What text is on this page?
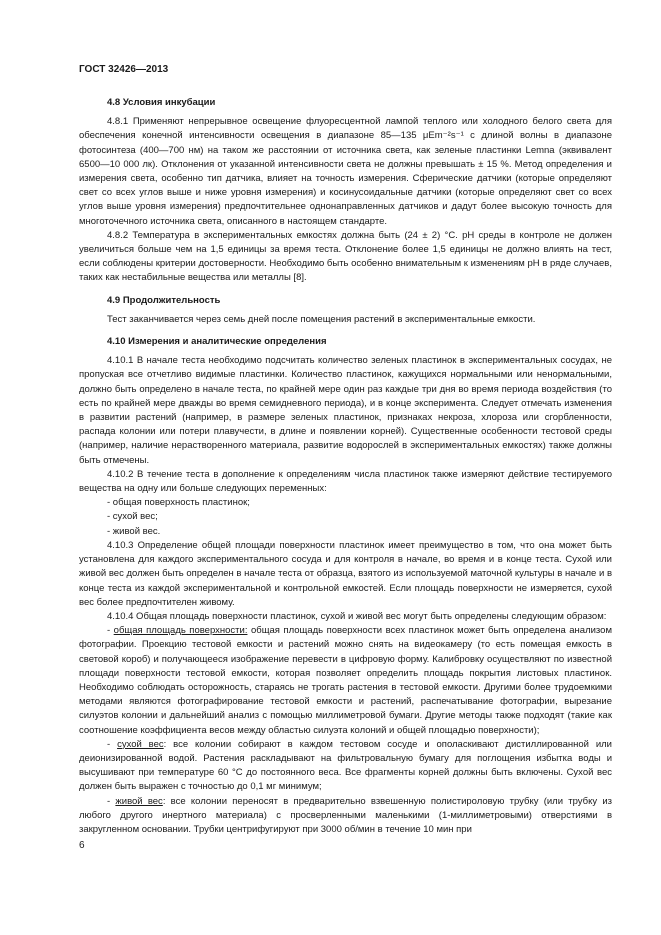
ГОСТ 32426—2013
4.8 Условия инкубации

4.8.1 Применяют непрерывное освещение флуоресцентной лампой теплого или холодного белого света для обеспечения конечной интенсивности освещения в диапазоне 85—135 μEm⁻²s⁻¹ с длиной волны в диапазоне фотосинтеза (400—700 нм) на таком же расстоянии от источника света, как зеленые пластинки Lemna (эквивалент 6500—10 000 лк). Отклонения от указанной интенсивности света не должны превышать ± 15 %. Метод определения и измерения света, особенно тип датчика, влияет на точность измерения. Сферические датчики (которые определяют свет со всех углов выше и ниже уровня измерения) и косинусоидальные датчики (которые определяют свет со всех углов выше уровня измерения) предпочтительнее однонаправленных датчиков и дадут более высокую точность для многоточечного источника света, описанного в настоящем стандарте.

4.8.2 Температура в экспериментальных емкостях должна быть (24 ± 2) °С. pH среды в контроле не должен увеличиться больше чем на 1,5 единицы за время теста. Отклонение более 1,5 единицы не должно влиять на тест, если соблюдены критерии достоверности. Необходимо быть особенно внимательным к изменениям pH в ряде случаев, таких как нестабильные вещества или металлы [8].

4.9 Продолжительность

Тест заканчивается через семь дней после помещения растений в экспериментальные емкости.

4.10 Измерения и аналитические определения

4.10.1 В начале теста необходимо подсчитать количество зеленых пластинок в экспериментальных сосудах, не пропуская все отчетливо видимые пластинки. Количество пластинок, кажущихся нормальными или ненормальными, должно быть определено в начале теста, по крайней мере один раз каждые три дня во время периода воздействия (то есть по крайней мере дважды во время семидневного периода), и в конце эксперимента. Следует отмечать изменения в развитии растений (например, в размере зеленых пластинок, признаках некроза, хлороза или сгорбленности, распада колонии или потери плавучести, в длине и появлении корней). Существенные особенности тестовой среды (например, наличие нерастворенного материала, развитие водорослей в экспериментальных емкостях) также должны быть отмечены.

4.10.2 В течение теста в дополнение к определениям числа пластинок также измеряют действие тестируемого вещества на одну или больше следующих переменных:

- общая поверхность пластинок;

- сухой вес;

- живой вес.

4.10.3 Определение общей площади поверхности пластинок имеет преимущество в том, что она может быть установлена для каждого экспериментального сосуда и для контроля в начале, во время и в конце теста. Сухой или живой вес должен быть определен в начале теста от образца, взятого из используемой маточной культуры в начале и в конце теста из каждой экспериментальной и контрольной емкостей. Если площадь поверхности не измеряется, сухой вес более предпочтителен живому.

4.10.4 Общая площадь поверхности пластинок, сухой и живой вес могут быть определены следующим образом:

- общая площадь поверхности: общая площадь поверхности всех пластинок может быть определена анализом фотографии. Проекцию тестовой емкости и растений можно снять на видеокамеру (то есть помещая емкость в световой короб) и получающееся изображение перевести в цифровую форму. Калибровку осуществляют по известной площади поверхности тестовой емкости, которая позволяет определить площадь покрытия листовых пластинок. Необходимо соблюдать осторожность, стараясь не трогать растения в тестовой емкости. Другими более трудоемкими методами являются фотографирование тестовой емкости и растений, распечатывание фотографии, вырезание силуэтов колонии и дальнейший анализ с помощью миллиметровой бумаги. Другие методы также подходят (такие как соотношение коэффициента весов между областью силуэта колоний и общей площадью поверхности);

- сухой вес: все колонии собирают в каждом тестовом сосуде и ополаскивают дистиллированной или деионизированной водой. Растения раскладывают на фильтровальную бумагу для поглощения избытка воды и высушивают при температуре 60 °С до постоянного веса. Все фрагменты корней должны быть включены. Сухой вес должен быть выражен с точностью до 0,1 мг минимум;

- живой вес: все колонии переносят в предварительно взвешенную полистироловую трубку (или трубку из любого другого инертного материала) с просверленными маленькими (1-миллиметровыми) отверстиями в закругленном основании. Трубки центрифугируют при 3000 об/мин в течение 10 мин при

6
